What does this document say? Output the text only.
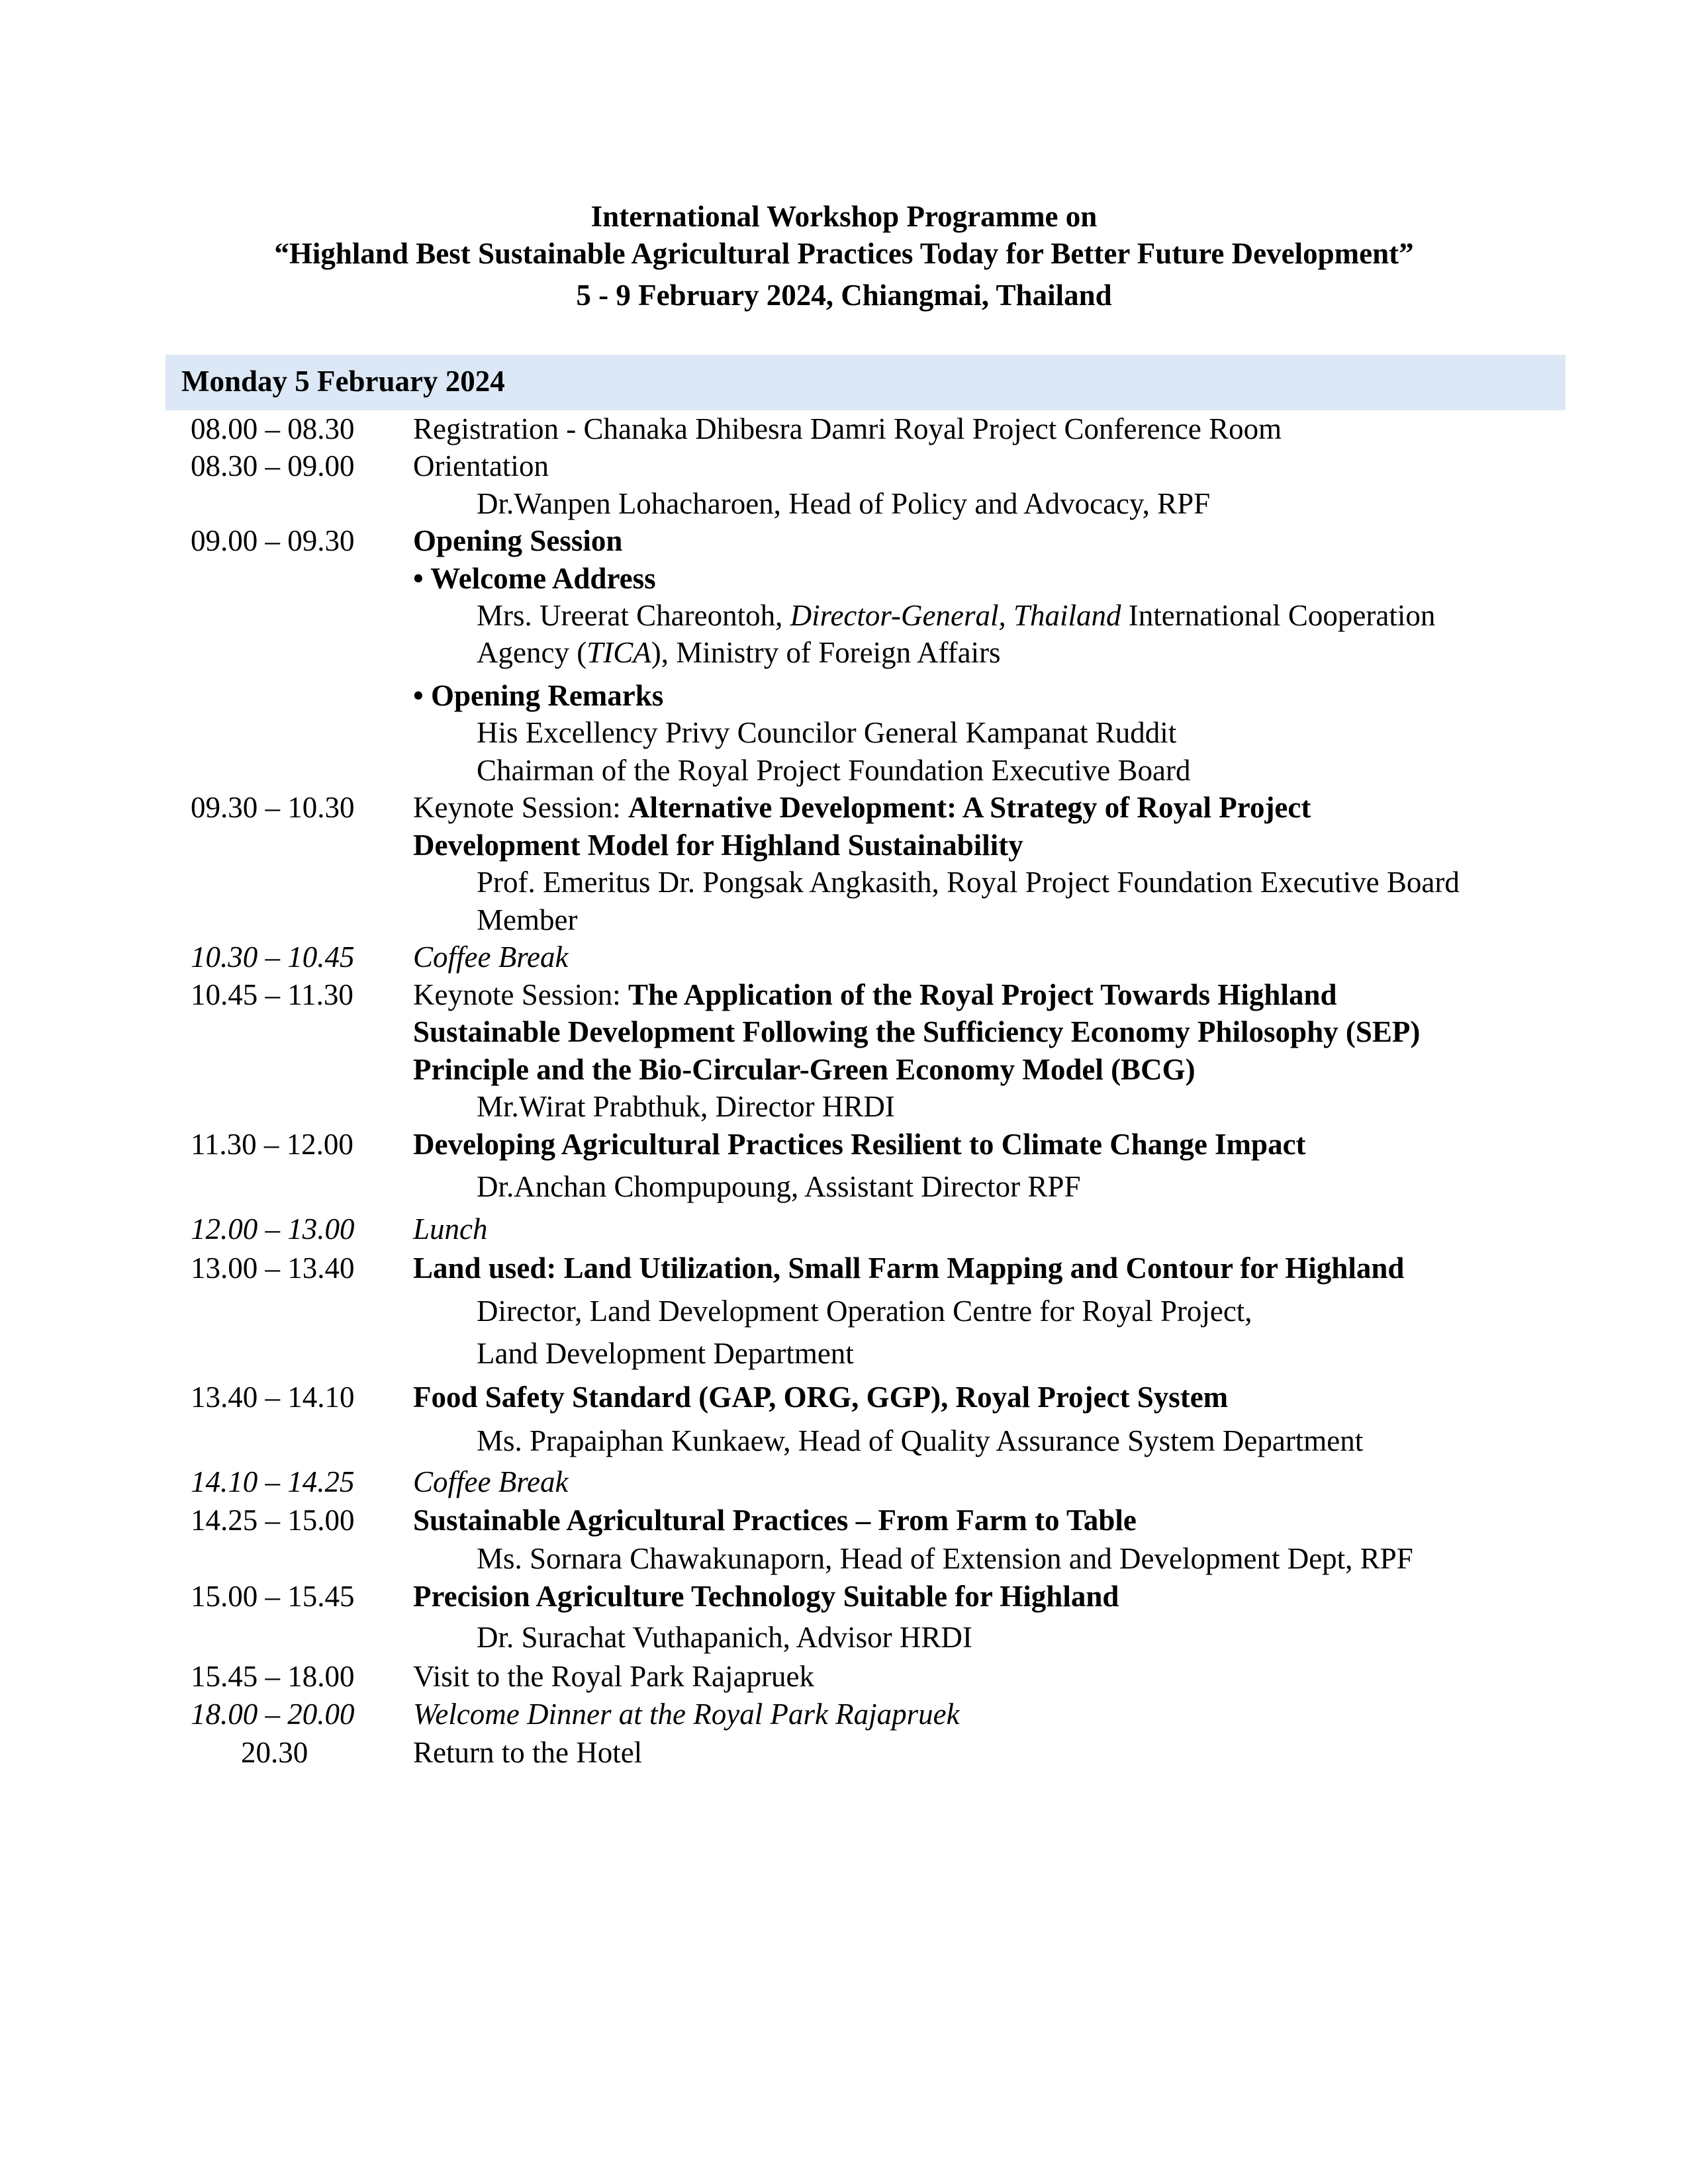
International Workshop Programme on
“Highland Best Sustainable Agricultural Practices Today for Better Future Development”
5 - 9 February 2024, Chiangmai, Thailand
Monday 5 February 2024
08.00 – 08.30 Registration - Chanaka Dhibesra Damri Royal Project Conference Room
08.30 – 09.00 Orientation
Dr.Wanpen Lohacharoen, Head of Policy and Advocacy, RPF
09.00 – 09.30 Opening Session
• Welcome Address
Mrs. Ureerat Chareontoh, Director-General, Thailand International Cooperation
Agency (TICA), Ministry of Foreign Affairs
• Opening Remarks
His Excellency Privy Councilor General Kampanat Ruddit
Chairman of the Royal Project Foundation Executive Board
09.30 – 10.30 Keynote Session: Alternative Development: A Strategy of Royal Project
Development Model for Highland Sustainability
Prof. Emeritus Dr. Pongsak Angkasith, Royal Project Foundation Executive Board
Member
10.30 – 10.45 Coffee Break
10.45 – 11.30 Keynote Session: The Application of the Royal Project Towards Highland
Sustainable Development Following the Sufficiency Economy Philosophy (SEP)
Principle and the Bio-Circular-Green Economy Model (BCG)
Mr.Wirat Prabthuk, Director HRDI
11.30 – 12.00 Developing Agricultural Practices Resilient to Climate Change Impact
Dr.Anchan Chompupoung, Assistant Director RPF
12.00 – 13.00 Lunch
13.00 – 13.40 Land used: Land Utilization, Small Farm Mapping and Contour for Highland
Director, Land Development Operation Centre for Royal Project,
Land Development Department
13.40 – 14.10 Food Safety Standard (GAP, ORG, GGP), Royal Project System
Ms. Prapaiphan Kunkaew, Head of Quality Assurance System Department
14.10 – 14.25 Coffee Break
14.25 – 15.00 Sustainable Agricultural Practices – From Farm to Table
Ms. Sornara Chawakunaporn, Head of Extension and Development Dept, RPF
15.00 – 15.45 Precision Agriculture Technology Suitable for Highland
Dr. Surachat Vuthapanich, Advisor HRDI
15.45 – 18.00 Visit to the Royal Park Rajapruek
18.00 – 20.00 Welcome Dinner at the Royal Park Rajapruek
20.30	Return to the Hotel
